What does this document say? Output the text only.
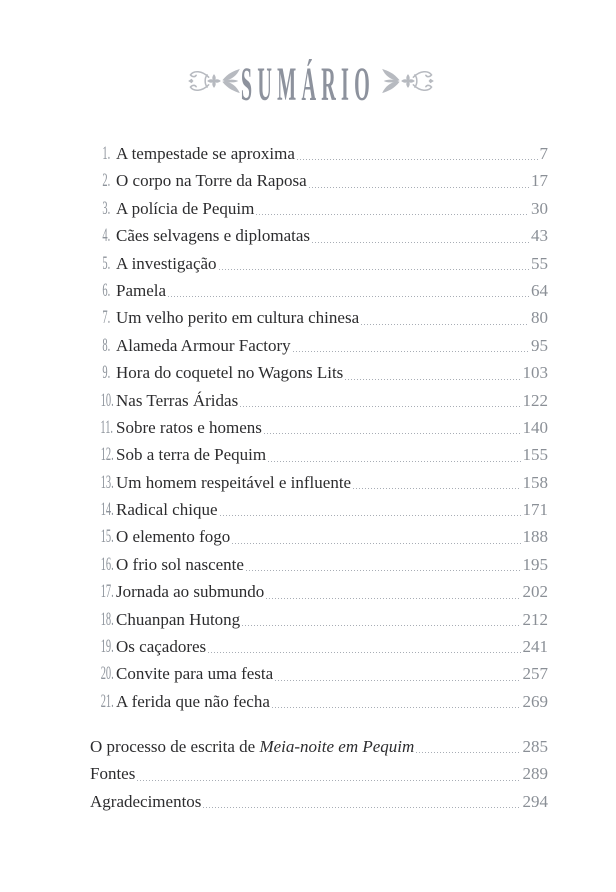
SUMÁRIO
1. A tempestade se aproxima	7
2. O corpo na Torre da Raposa	17
3. A polícia de Pequim	30
4. Cães selvagens e diplomatas	43
5. A investigação	55
6. Pamela	64
7. Um velho perito em cultura chinesa	80
8. Alameda Armour Factory	95
9. Hora do coquetel no Wagons Lits	103
10. Nas Terras Áridas	122
11. Sobre ratos e homens	140
12. Sob a terra de Pequim	155
13. Um homem respeitável e influente	158
14. Radical chique	171
15. O elemento fogo	188
16. O frio sol nascente	195
17. Jornada ao submundo	202
18. Chuanpan Hutong	212
19. Os caçadores	241
20. Convite para uma festa	257
21. A ferida que não fecha	269
O processo de escrita de Meia-noite em Pequim	285
Fontes	289
Agradecimentos	294
